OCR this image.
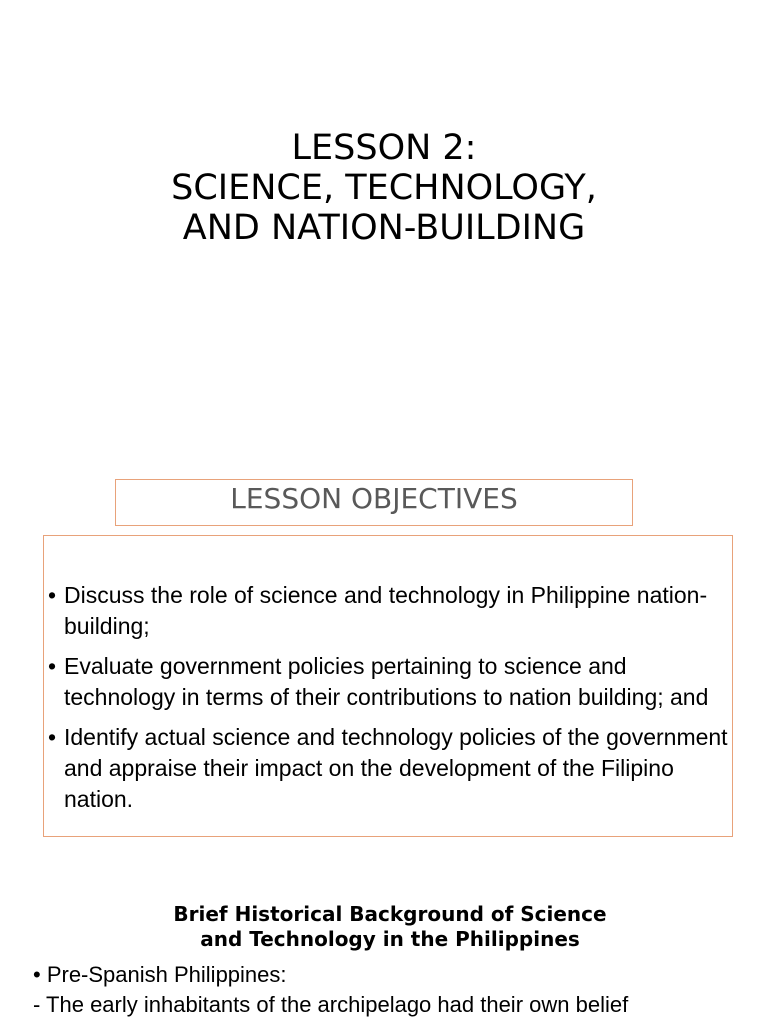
LESSON 2:
SCIENCE, TECHNOLOGY,
AND NATION-BUILDING
LESSON OBJECTIVES
• Discuss the role of science and technology in Philippine nation-building;
• Evaluate government policies pertaining to science and technology in terms of their contributions to nation building; and
• Identify actual science and technology policies of the government and appraise their impact on the development of the Filipino nation.
Brief Historical Background of Science
and Technology in the Philippines
• Pre-Spanish Philippines:
- The early inhabitants of the archipelago had their own belief
